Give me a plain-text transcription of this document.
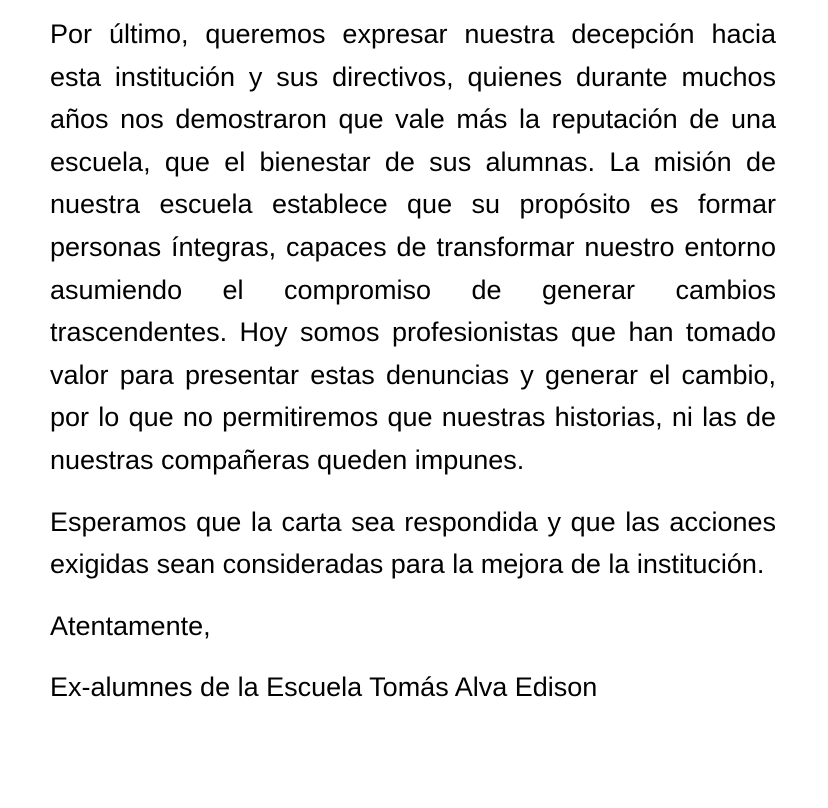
Por último, queremos expresar nuestra decepción hacia esta institución y sus directivos, quienes durante muchos años nos demostraron que vale más la reputación de una escuela, que el bienestar de sus alumnas. La misión de nuestra escuela establece que su propósito es formar personas íntegras, capaces de transformar nuestro entorno asumiendo el compromiso de generar cambios trascendentes. Hoy somos profesionistas que han tomado valor para presentar estas denuncias y generar el cambio, por lo que no permitiremos que nuestras historias, ni las de nuestras compañeras queden impunes.

Esperamos que la carta sea respondida y que las acciones exigidas sean consideradas para la mejora de la institución.

Atentamente,

Ex-alumnes de la Escuela Tomás Alva Edison
